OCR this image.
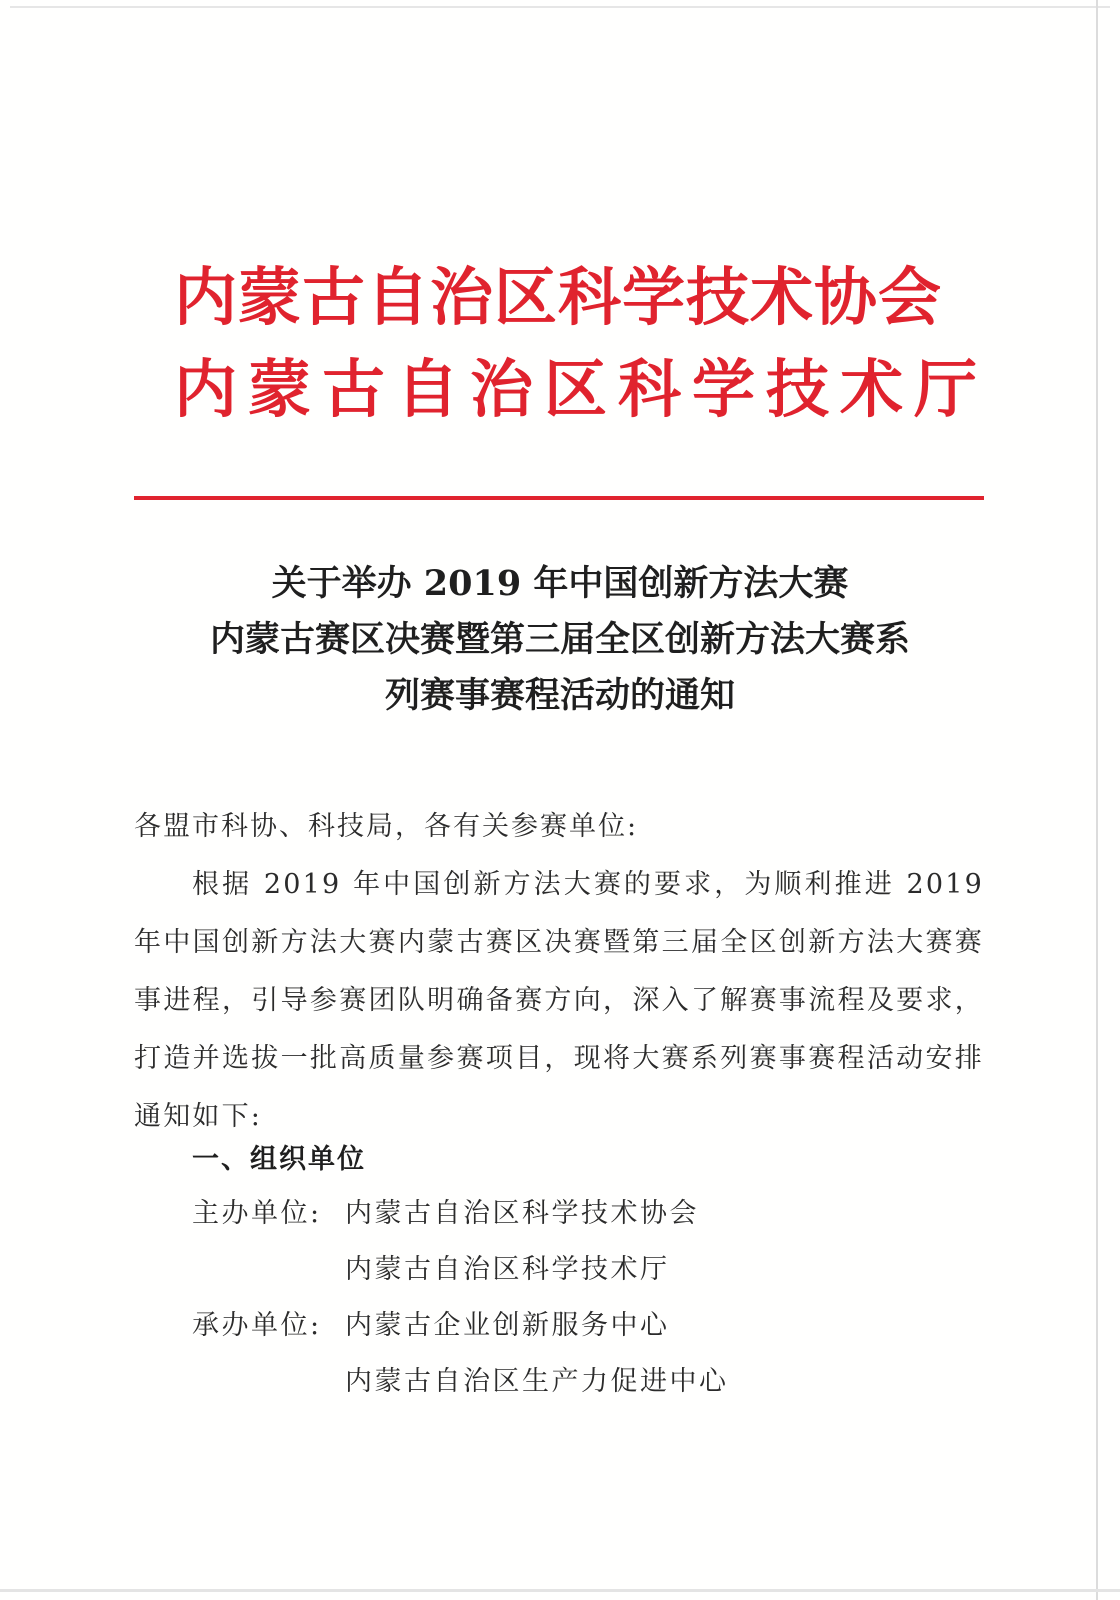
内蒙古自治区科学技术协会
内蒙古自治区科学技术厅
关于举办 2019 年中国创新方法大赛
内蒙古赛区决赛暨第三届全区创新方法大赛系
列赛事赛程活动的通知
各盟市科协、科技局，各有关参赛单位:
根据 2019 年中国创新方法大赛的要求，为顺利推进 2019 年中国创新方法大赛内蒙古赛区决赛暨第三届全区创新方法大赛赛事进程，引导参赛团队明确备赛方向，深入了解赛事流程及要求，打造并选拔一批高质量参赛项目，现将大赛系列赛事赛程活动安排通知如下:
一、组织单位
主办单位: 内蒙古自治区科学技术协会
内蒙古自治区科学技术厅
承办单位: 内蒙古企业创新服务中心
内蒙古自治区生产力促进中心
